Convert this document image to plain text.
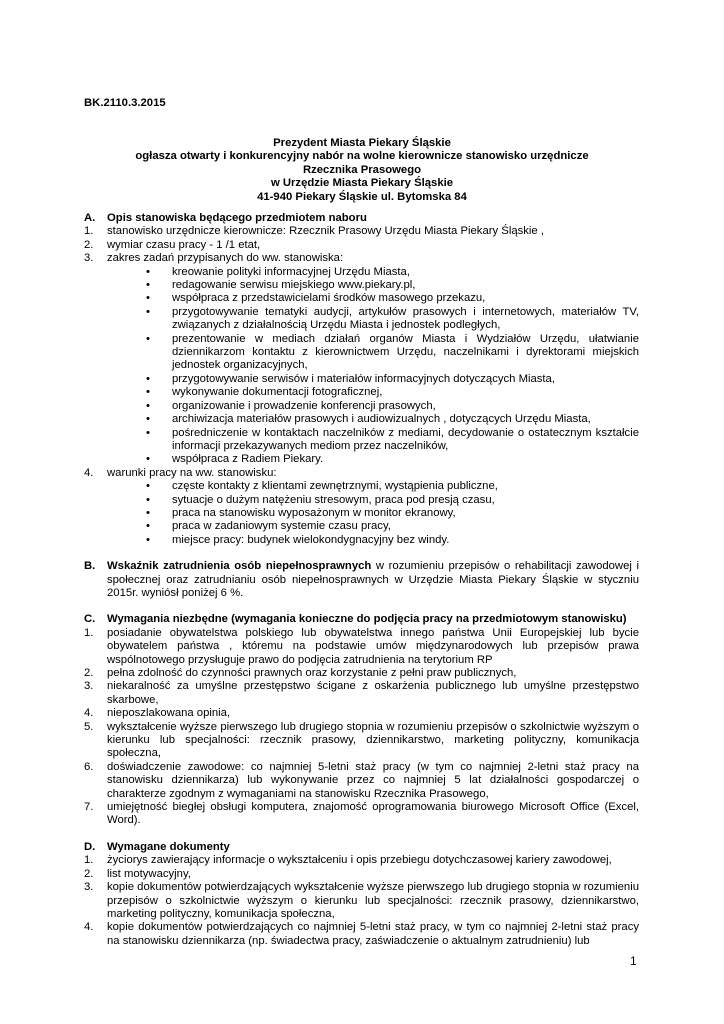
BK.2110.3.2015
Prezydent Miasta Piekary Śląskie
ogłasza otwarty i konkurencyjny nabór na wolne kierownicze stanowisko urzędnicze
Rzecznika Prasowego
w Urzędzie Miasta Piekary Śląskie
41-940 Piekary Śląskie ul. Bytomska 84
A. Opis stanowiska będącego przedmiotem naboru
1. stanowisko urzędnicze kierownicze: Rzecznik Prasowy Urzędu Miasta Piekary Śląskie ,
2. wymiar czasu pracy - 1 /1 etat,
3. zakres zadań przypisanych do ww. stanowiska:
• kreowanie polityki informacyjnej Urzędu Miasta,
• redagowanie serwisu miejskiego www.piekary.pl,
• współpraca z przedstawicielami środków masowego przekazu,
• przygotowywanie tematyki audycji, artykułów prasowych i internetowych, materiałów TV, związanych z działalnością Urzędu Miasta i jednostek podległych,
• prezentowanie w mediach działań organów Miasta i Wydziałów Urzędu, ułatwianie dziennikarzom kontaktu z kierownictwem Urzędu, naczelnikami i dyrektorami miejskich jednostek organizacyjnych,
• przygotowywanie serwisów i materiałów informacyjnych dotyczących Miasta,
• wykonywanie dokumentacji fotograficznej,
• organizowanie i prowadzenie konferencji prasowych,
• archiwizacja materiałów prasowych i audiowizualnych , dotyczących Urzędu Miasta,
• pośredniczenie w kontaktach naczelników z mediami, decydowanie o ostatecznym kształcie informacji przekazywanych mediom przez naczelników,
• współpraca z Radiem Piekary.
4. warunki pracy na ww. stanowisku:
• częste kontakty z klientami zewnętrznymi, wystąpienia publiczne,
• sytuacje o dużym natężeniu stresowym, praca pod presją czasu,
• praca na stanowisku wyposażonym w monitor ekranowy,
• praca w zadaniowym systemie czasu pracy,
• miejsce pracy: budynek wielokondygnacyjny bez windy.
B. Wskaźnik zatrudnienia osób niepełnosprawnych w rozumieniu przepisów o rehabilitacji zawodowej i społecznej oraz zatrudnianiu osób niepełnosprawnych w Urzędzie Miasta Piekary Śląskie w styczniu 2015r. wyniósł poniżej 6 %.
C. Wymagania niezbędne (wymagania konieczne do podjęcia pracy na przedmiotowym stanowisku)
1. posiadanie obywatelstwa polskiego lub obywatelstwa innego państwa Unii Europejskiej lub bycie obywatelem państwa , któremu na podstawie umów międzynarodowych lub przepisów prawa wspólnotowego przysługuje prawo do podjęcia zatrudnienia na terytorium RP
2. pełna zdolność do czynności prawnych oraz korzystanie z pełni praw publicznych,
3. niekaralność za umyślne przestępstwo ścigane z oskarżenia publicznego lub umyślne przestępstwo skarbowe,
4. nieposzlakowana opinia,
5. wykształcenie wyższe pierwszego lub drugiego stopnia w rozumieniu przepisów o szkolnictwie wyższym o kierunku lub specjalności: rzecznik prasowy, dziennikarstwo, marketing polityczny, komunikacja społeczna,
6. doświadczenie zawodowe: co najmniej 5-letni staż pracy (w tym co najmniej 2-letni staż pracy na stanowisku dziennikarza) lub wykonywanie przez co najmniej 5 lat działalności gospodarczej o charakterze zgodnym z wymaganiami na stanowisku Rzecznika Prasowego,
7. umiejętność biegłej obsługi komputera, znajomość oprogramowania biurowego Microsoft Office (Excel, Word).
D. Wymagane dokumenty
1. życiorys zawierający informacje o wykształceniu i opis przebiegu dotychczasowej kariery zawodowej,
2. list motywacyjny,
3. kopie dokumentów potwierdzających wykształcenie wyższe pierwszego lub drugiego stopnia w rozumieniu przepisów o szkolnictwie wyższym o kierunku lub specjalności: rzecznik prasowy, dziennikarstwo, marketing polityczny, komunikacja społeczna,
4. kopie dokumentów potwierdzających co najmniej 5-letni staż pracy, w tym co najmniej 2-letni staż pracy na stanowisku dziennikarza (np. świadectwa pracy, zaświadczenie o aktualnym zatrudnieniu) lub
1
